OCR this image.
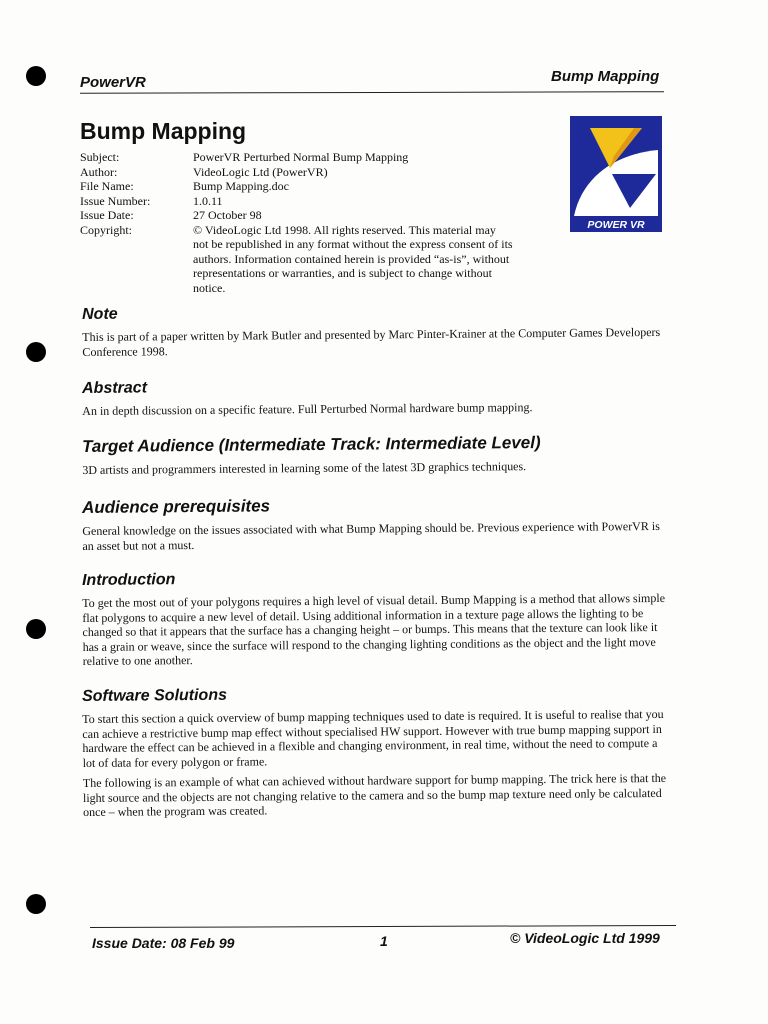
PowerVR	Bump Mapping
Bump Mapping
Subject:	PowerVR Perturbed Normal Bump Mapping
Author:	VideoLogic Ltd (PowerVR)
File Name:	Bump Mapping.doc
Issue Number:	1.0.11
Issue Date:	27 October 98
Copyright:	© VideoLogic Ltd 1998. All rights reserved. This material may not be republished in any format without the express consent of its authors. Information contained herein is provided “as-is”, without representations or warranties, and is subject to change without notice.
POWER VR
Note

This is part of a paper written by Mark Butler and presented by Marc Pinter-Krainer at the Computer Games Developers Conference 1998.

Abstract

An in depth discussion on a specific feature. Full Perturbed Normal hardware bump mapping.

Target Audience (Intermediate Track: Intermediate Level)

3D artists and programmers interested in learning some of the latest 3D graphics techniques.

Audience prerequisites

General knowledge on the issues associated with what Bump Mapping should be. Previous experience with PowerVR is an asset but not a must.

Introduction

To get the most out of your polygons requires a high level of visual detail. Bump Mapping is a method that allows simple flat polygons to acquire a new level of detail. Using additional information in a texture page allows the lighting to be changed so that it appears that the surface has a changing height – or bumps. This means that the texture can look like it has a grain or weave, since the surface will respond to the changing lighting conditions as the object and the light move relative to one another.

Software Solutions

To start this section a quick overview of bump mapping techniques used to date is required. It is useful to realise that you can achieve a restrictive bump map effect without specialised HW support. However with true bump mapping support in hardware the effect can be achieved in a flexible and changing environment, in real time, without the need to compute a lot of data for every polygon or frame.

The following is an example of what can achieved without hardware support for bump mapping. The trick here is that the light source and the objects are not changing relative to the camera and so the bump map texture need only be calculated once – when the program was created.

Issue Date: 08 Feb 99	1	© VideoLogic Ltd 1999
